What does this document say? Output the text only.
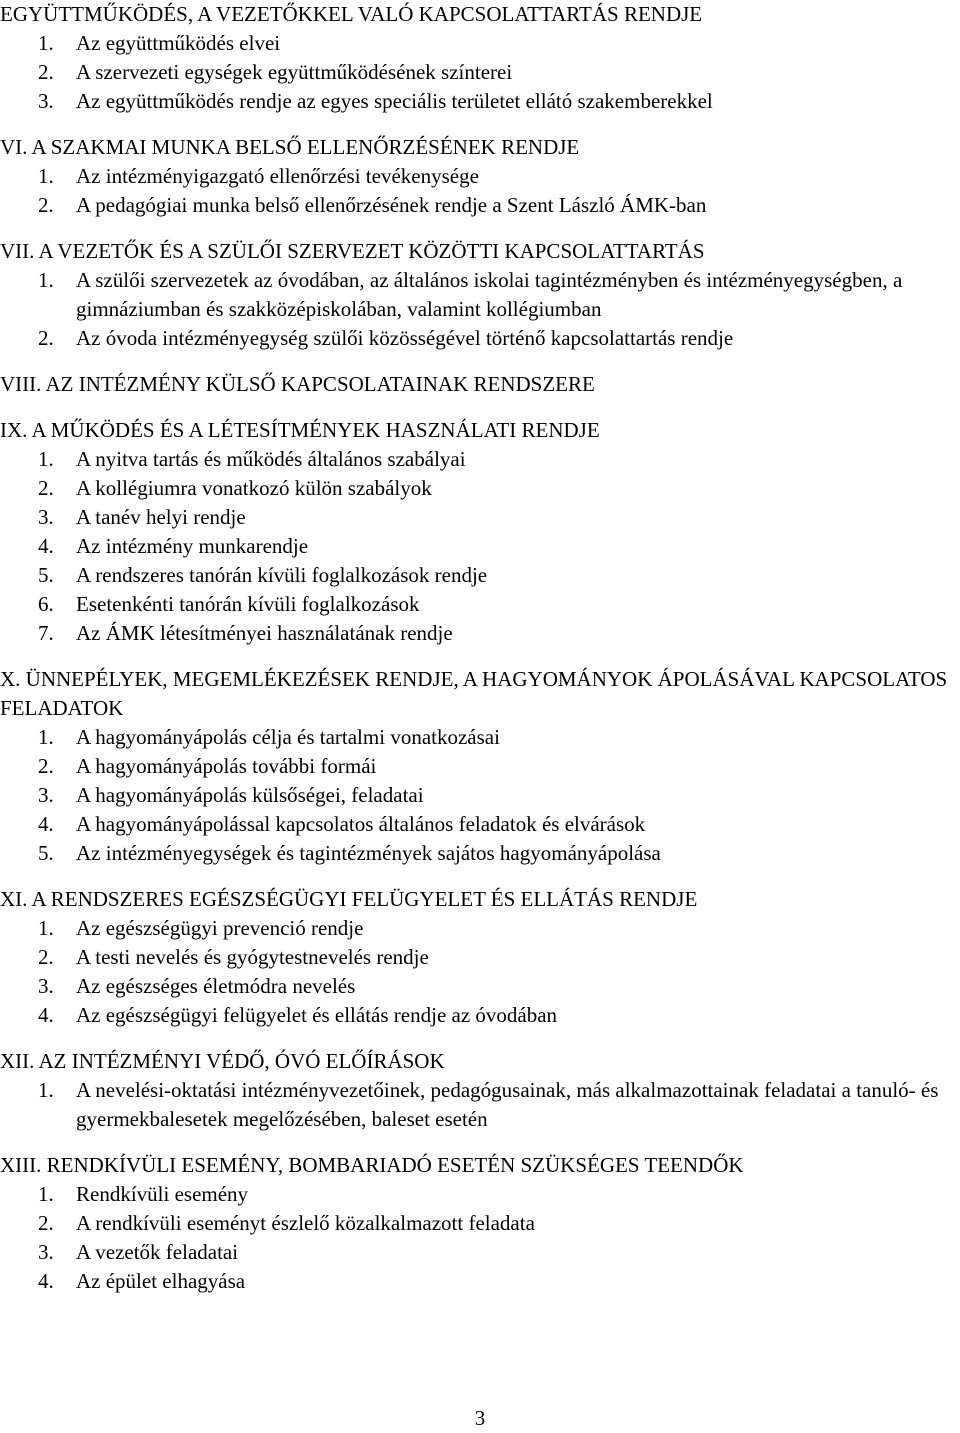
EGYÜTTMŰKÖDÉS, A VEZETŐKKEL VALÓ KAPCSOLATTARTÁS RENDJE
1. Az együttműködés elvei
2. A szervezeti egységek együttműködésének színterei
3. Az együttműködés rendje az egyes speciális területet ellátó szakemberekkel
VI. A SZAKMAI MUNKA BELSŐ ELLENŐRZÉSÉNEK RENDJE
1. Az intézményigazgató ellenőrzési tevékenysége
2. A pedagógiai munka belső ellenőrzésének rendje a Szent László ÁMK-ban
VII. A VEZETŐK ÉS A SZÜLŐI SZERVEZET KÖZÖTTI KAPCSOLATTARTÁS
1. A szülői szervezetek az óvodában, az általános iskolai tagintézményben és intézményegységben, a gimnáziumban és szakközépiskolában, valamint kollégiumban
2. Az óvoda intézményegység szülői közösségével történő kapcsolattartás rendje
VIII. AZ INTÉZMÉNY KÜLSŐ KAPCSOLATAINAK RENDSZERE
IX. A MŰKÖDÉS ÉS A LÉTESÍTMÉNYEK HASZNÁLATI RENDJE
1. A nyitva tartás és működés általános szabályai
2. A kollégiumra vonatkozó külön szabályok
3. A tanév helyi rendje
4. Az intézmény munkarendje
5. A rendszeres tanórán kívüli foglalkozások rendje
6. Esetenkénti tanórán kívüli foglalkozások
7. Az ÁMK létesítményei használatának rendje
X. ÜNNEPÉLYEK, MEGEMLÉKEZÉSEK RENDJE, A HAGYOMÁNYOK ÁPOLÁSÁVAL KAPCSOLATOS FELADATOK
1. A hagyományápolás célja és tartalmi vonatkozásai
2. A hagyományápolás további formái
3. A hagyományápolás külsőségei, feladatai
4. A hagyományápolással kapcsolatos általános feladatok és elvárások
5. Az intézményegységek és tagintézmények sajátos hagyományápolása
XI. A RENDSZERES EGÉSZSÉGÜGYI FELÜGYELET ÉS ELLÁTÁS RENDJE
1. Az egészségügyi prevenció rendje
2. A testi nevelés és gyógytestnevelés rendje
3. Az egészséges életmódra nevelés
4. Az egészségügyi felügyelet és ellátás rendje az óvodában
XII. AZ INTÉZMÉNYI VÉDŐ, ÓVÓ ELŐÍRÁSOK
1. A nevelési-oktatási intézményvezetőinek, pedagógusainak, más alkalmazottainak feladatai a tanuló- és gyermekbalesetek megelőzésében, baleset esetén
XIII. RENDKÍVÜLI ESEMÉNY, BOMBARIADÓ ESETÉN SZÜKSÉGES TEENDŐK
1. Rendkívüli esemény
2. A rendkívüli eseményt észlelő közalkalmazott feladata
3. A vezetők feladatai
4. Az épület elhagyása
3
